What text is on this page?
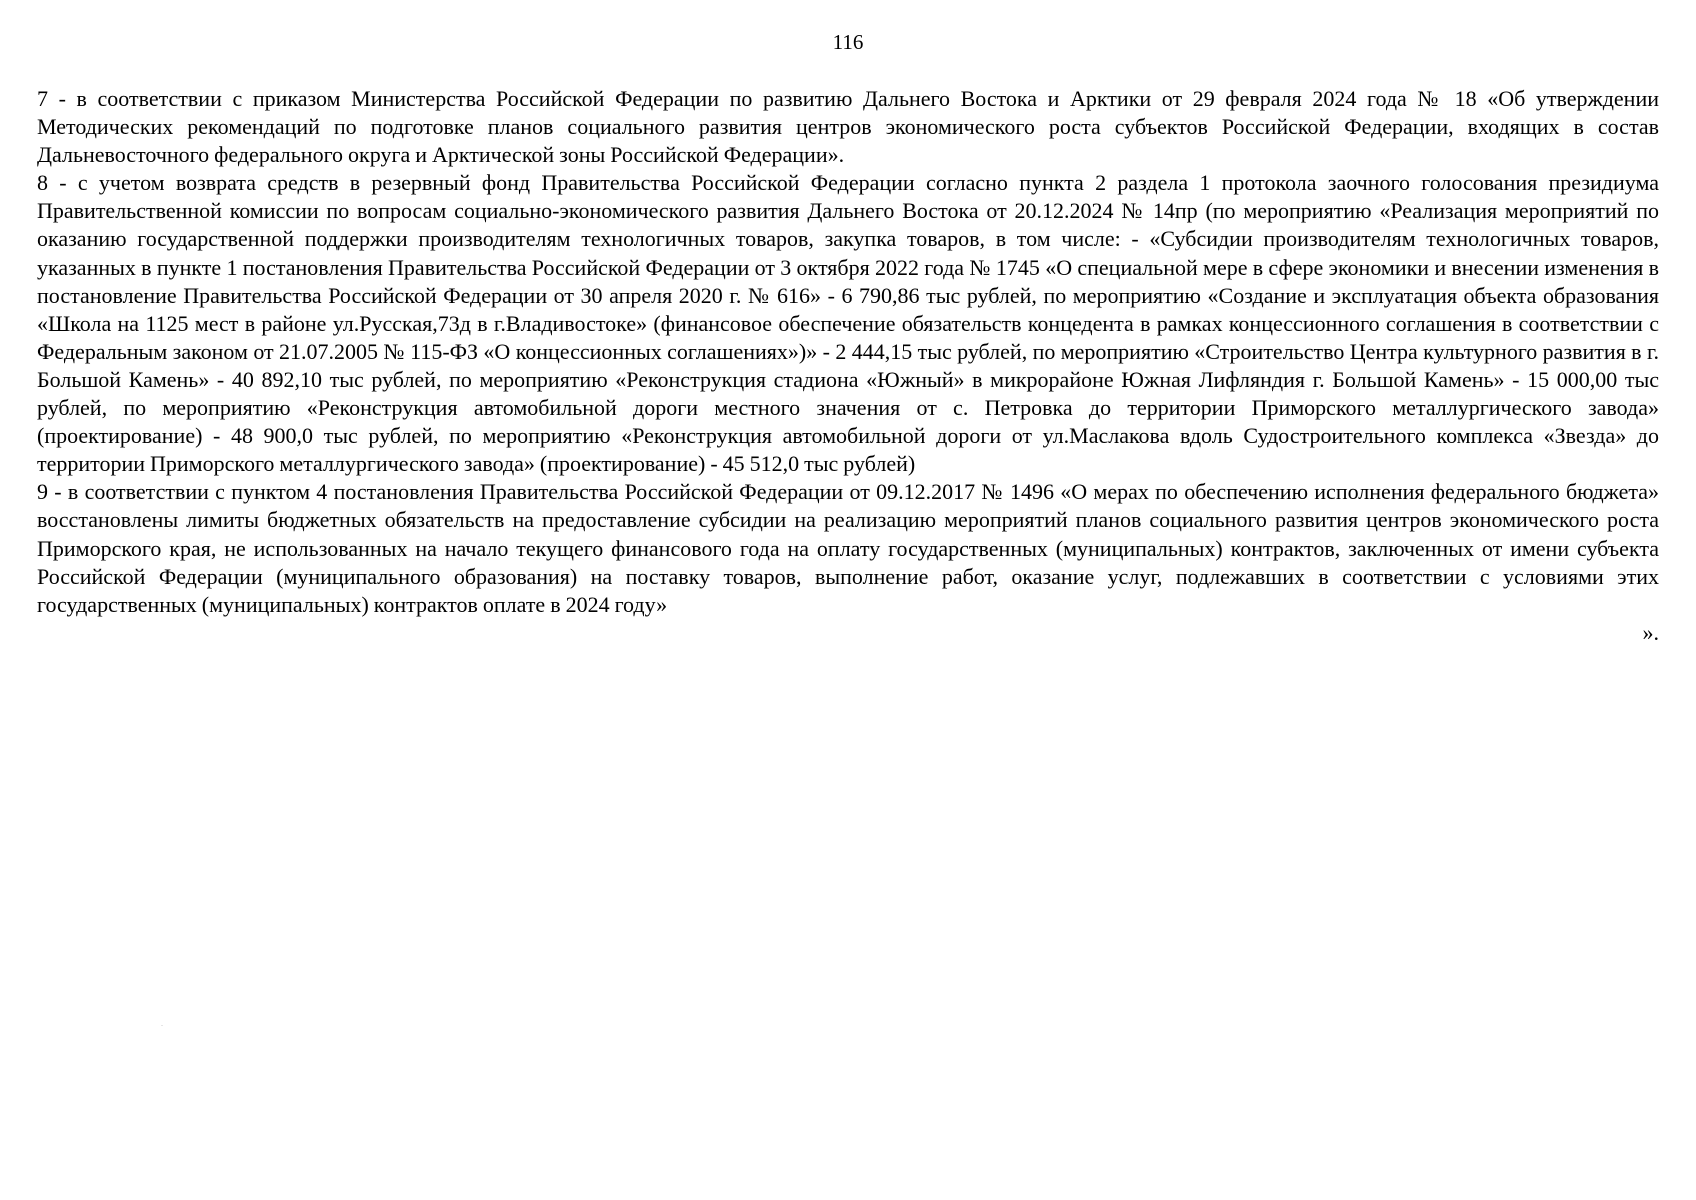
116

7 - в соответствии с приказом Министерства Российской Федерации по развитию Дальнего Востока и Арктики от 29 февраля 2024 года № 18 «Об утверждении Методических рекомендаций по подготовке планов социального развития центров экономического роста субъектов Российской Федерации, входящих в состав Дальневосточного федерального округа и Арктической зоны Российской Федерации».

8 - с учетом возврата средств в резервный фонд Правительства Российской Федерации согласно пункта 2 раздела 1 протокола заочного голосования президиума Правительственной комиссии по вопросам социально-экономического развития Дальнего Востока от 20.12.2024 № 14пр (по мероприятию «Реализация мероприятий по оказанию государственной поддержки производителям технологичных товаров, закупка товаров, в том числе: - «Субсидии производителям технологичных товаров, указанных в пункте 1 постановления Правительства Российской Федерации от 3 октября 2022 года № 1745 «О специальной мере в сфере экономики и внесении изменения в постановление Правительства Российской Федерации от 30 апреля 2020 г. № 616» - 6 790,86 тыс рублей, по мероприятию «Создание и эксплуатация объекта образования «Школа на 1125 мест в районе ул.Русская,73д в г.Владивостоке» (финансовое обеспечение обязательств концедента в рамках концессионного соглашения в соответствии с Федеральным законом от 21.07.2005 № 115-ФЗ «О концессионных соглашениях»)» - 2 444,15 тыс рублей, по мероприятию «Строительство Центра культурного развития в г. Большой Камень» - 40 892,10 тыс рублей, по мероприятию «Реконструкция стадиона «Южный» в микрорайоне Южная Лифляндия г. Большой Камень» - 15 000,00 тыс рублей, по мероприятию «Реконструкция автомобильной дороги местного значения от с. Петровка до территории Приморского металлургического завода» (проектирование) - 48 900,0 тыс рублей, по мероприятию «Реконструкция автомобильной дороги от ул.Маслакова вдоль Судостроительного комплекса «Звезда» до территории Приморского металлургического завода» (проектирование) - 45 512,0 тыс рублей)

9 - в соответствии с пунктом 4 постановления Правительства Российской Федерации от 09.12.2017 № 1496 «О мерах по обеспечению исполнения федерального бюджета» восстановлены лимиты бюджетных обязательств на предоставление субсидии на реализацию мероприятий планов социального развития центров экономического роста Приморского края, не использованных на начало текущего финансового года на оплату государственных (муниципальных) контрактов, заключенных от имени субъекта Российской Федерации (муниципального образования) на поставку товаров, выполнение работ, оказание услуг, подлежавших в соответствии с условиями этих государственных (муниципальных) контрактов оплате в 2024 году»

».
